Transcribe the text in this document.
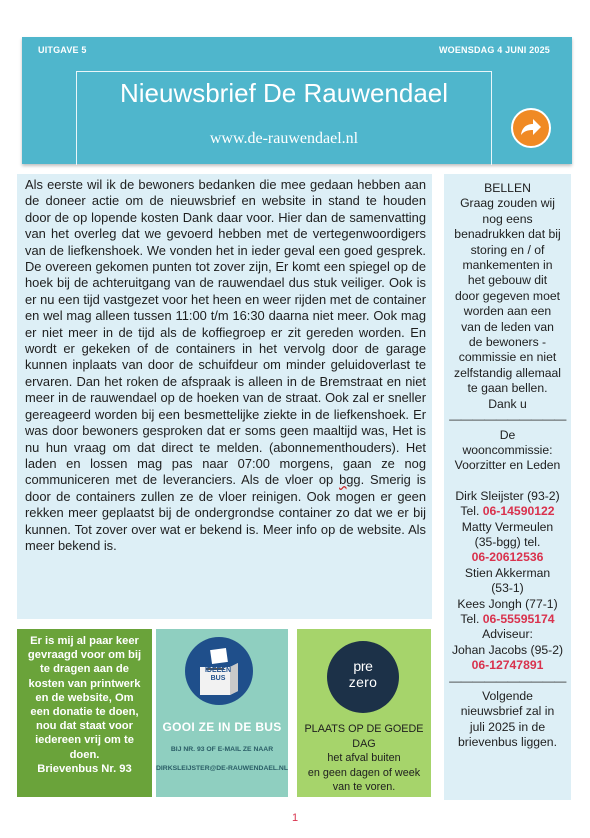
UITGAVE 5	WOENSDAG 4 JUNI 2025
Nieuwsbrief De Rauwendael
www.de-rauwendael.nl

Als eerste wil ik de bewoners bedanken die mee gedaan hebben aan de doneer actie om de nieuwsbrief en website in stand te houden door de op lopende kosten Dank daar voor. Hier dan de samenvatting van het overleg dat we gevoerd hebben met de vertegenwoordigers van de liefkenshoek. We vonden het in ieder geval een goed gesprek. De overeen gekomen punten tot zover zijn, Er komt een spiegel op de hoek bij de achteruitgang van de rauwendael dus stuk veiliger. Ook is er nu een tijd vastgezet voor het heen en weer rijden met de container en wel mag alleen tussen 11:00 t/m 16:30 daarna niet meer. Ook mag er niet meer in de tijd als de koffiegroep er zit gereden worden. En wordt er gekeken of de containers in het vervolg door de garage kunnen inplaats van door de schuifdeur om minder geluidoverlast te ervaren. Dan het roken de afspraak is alleen in de Bremstraat en niet meer in de rauwendael op de hoeken van de straat. Ook zal er sneller gereageerd worden bij een besmettelijke ziekte in de liefkenshoek. Er was door bewoners gesproken dat er soms geen maaltijd was, Het is nu hun vraag om dat direct te melden. (abonnementhouders). Het laden en lossen mag pas naar 07:00 morgens, gaan ze nog communiceren met de leveranciers. Als de vloer op bgg. Smerig is door de containers zullen ze de vloer reinigen. Ook mogen er geen rekken meer geplaatst bij de ondergrondse container zo dat we er bij kunnen. Tot zover over wat er bekend is. Meer info op de website. Als meer bekend is.

BELLEN
Graag zouden wij
nog eens
benadrukken dat bij
storing en / of
mankementen in
het gebouw dit
door gegeven moet
worden aan een
van de leden van
de bewoners -
commissie en niet
zelfstandig allemaal
te gaan bellen.
Dank u
——————————
De
wooncommissie:
Voorzitter en Leden
Dirk Sleijster (93-2)
Tel. 06-14590122
Matty Vermeulen
(35-bgg) tel.
06-20612536
Stien Akkerman
(53-1)
Kees Jongh (77-1)
Tel. 06-55595174
Adviseur:
Johan Jacobs (95-2)
06-12747891
——————————
Volgende
nieuwsbrief zal in
juli 2025 in de
brievenbus liggen.
Er is mij al paar keer
gevraagd voor om bij
te dragen aan de
kosten van printwerk
en de website, Om
een donatie te doen,
nou dat staat voor
iedereen vrij om te
doen.
Brievenbus Nr. 93
IDEEËN
BUS
GOOI ZE IN DE BUS
BIJ NR. 93 OF E-MAIL ZE NAAR
DIRKSLEIJSTER@DE-RAUWENDAEL.NL
pre
zero
PLAATS OP DE GOEDE
DAG
het afval buiten
en geen dagen of week
van te voren.
1
